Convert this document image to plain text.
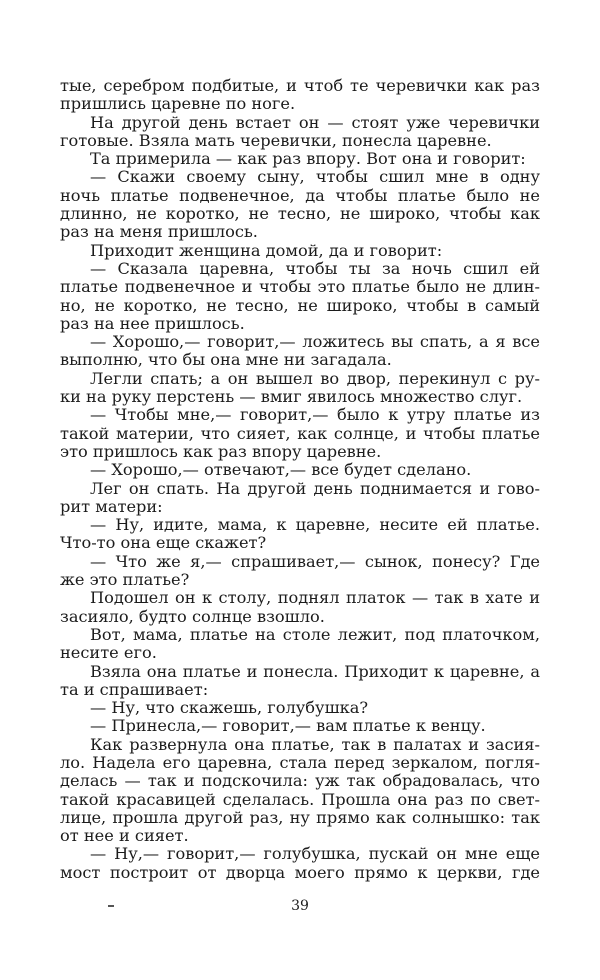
тые, серебром подбитые, и чтоб те черевички как раз
пришлись царевне по ноге.
На другой день встает он — стоят уже черевички
готовые. Взяла мать черевички, понесла царевне.
Та примерила — как раз впору. Вот она и говорит:
— Скажи своему сыну, чтобы сшил мне в одну
ночь платье подвенечное, да чтобы платье было не
длинно, не коротко, не тесно, не широко, чтобы как
раз на меня пришлось.
Приходит женщина домой, да и говорит:
— Сказала царевна, чтобы ты за ночь сшил ей
платье подвенечное и чтобы это платье было не длин-
но, не коротко, не тесно, не широко, чтобы в самый
раз на нее пришлось.
— Хорошо,— говорит,— ложитесь вы спать, а я все
выполню, что бы она мне ни загадала.
Легли спать; а он вышел во двор, перекинул с ру-
ки на руку перстень — вмиг явилось множество слуг.
— Чтобы мне,— говорит,— было к утру платье из
такой материи, что сияет, как солнце, и чтобы платье
это пришлось как раз впору царевне.
— Хорошо,— отвечают,— все будет сделано.
Лег он спать. На другой день поднимается и гово-
рит матери:
— Ну, идите, мама, к царевне, несите ей платье.
Что-то она еще скажет?
— Что же я,— спрашивает,— сынок, понесу? Где
же это платье?
Подошел он к столу, поднял платок — так в хате и
засияло, будто солнце взошло.
Вот, мама, платье на столе лежит, под платочком,
несите его.
Взяла она платье и понесла. Приходит к царевне, а
та и спрашивает:
— Ну, что скажешь, голубушка?
— Принесла,— говорит,— вам платье к венцу.
Как развернула она платье, так в палатах и засия-
ло. Надела его царевна, стала перед зеркалом, погля-
делась — так и подскочила: уж так обрадовалась, что
такой красавицей сделалась. Прошла она раз по свет-
лице, прошла другой раз, ну прямо как солнышко: так
от нее и сияет.
— Ну,— говорит,— голубушка, пускай он мне еще
мост построит от дворца моего прямо к церкви, где
39
